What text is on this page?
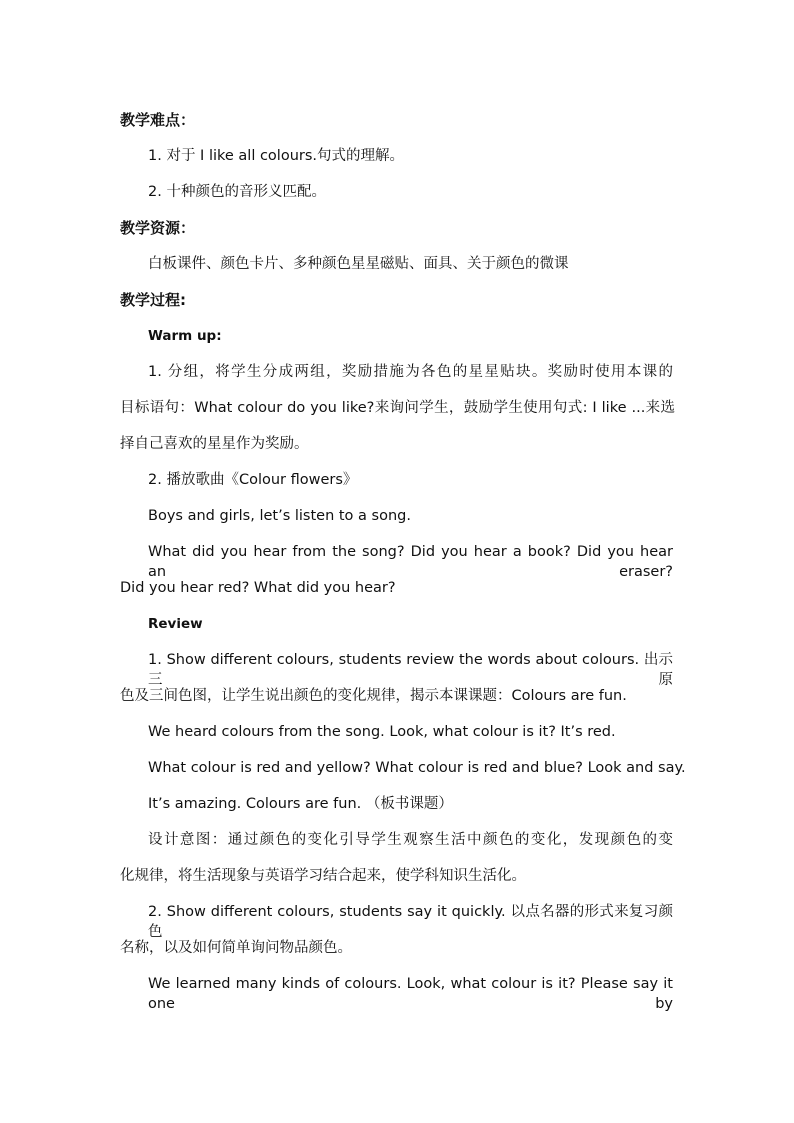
教学难点：
1. 对于 I like all colours.句式的理解。
2. 十种颜色的音形义匹配。
教学资源：
白板课件、颜色卡片、多种颜色星星磁贴、面具、关于颜色的微课
教学过程:
Warm up:
1. 分组，将学生分成两组，奖励措施为各色的星星贴块。奖励时使用本课的
目标语句：What colour do you like?来询问学生，鼓励学生使用句式: I like ...来选
择自己喜欢的星星作为奖励。
2. 播放歌曲《Colour flowers》
Boys and girls, let’s listen to a song.
What did you hear from the song? Did you hear a book? Did you hear an eraser?
Did you hear red? What did you hear?
Review
1. Show different colours, students review the words about colours. 出示三原
色及三间色图，让学生说出颜色的变化规律，揭示本课课题：Colours are fun.
We heard colours from the song. Look, what colour is it? It’s red.
What colour is red and yellow? What colour is red and blue? Look and say.
It’s amazing. Colours are fun. （板书课题）
设计意图：通过颜色的变化引导学生观察生活中颜色的变化，发现颜色的变
化规律，将生活现象与英语学习结合起来，使学科知识生活化。
2. Show different colours, students say it quickly. 以点名器的形式来复习颜色
名称，以及如何简单询问物品颜色。
We learned many kinds of colours. Look, what colour is it? Please say it one by
